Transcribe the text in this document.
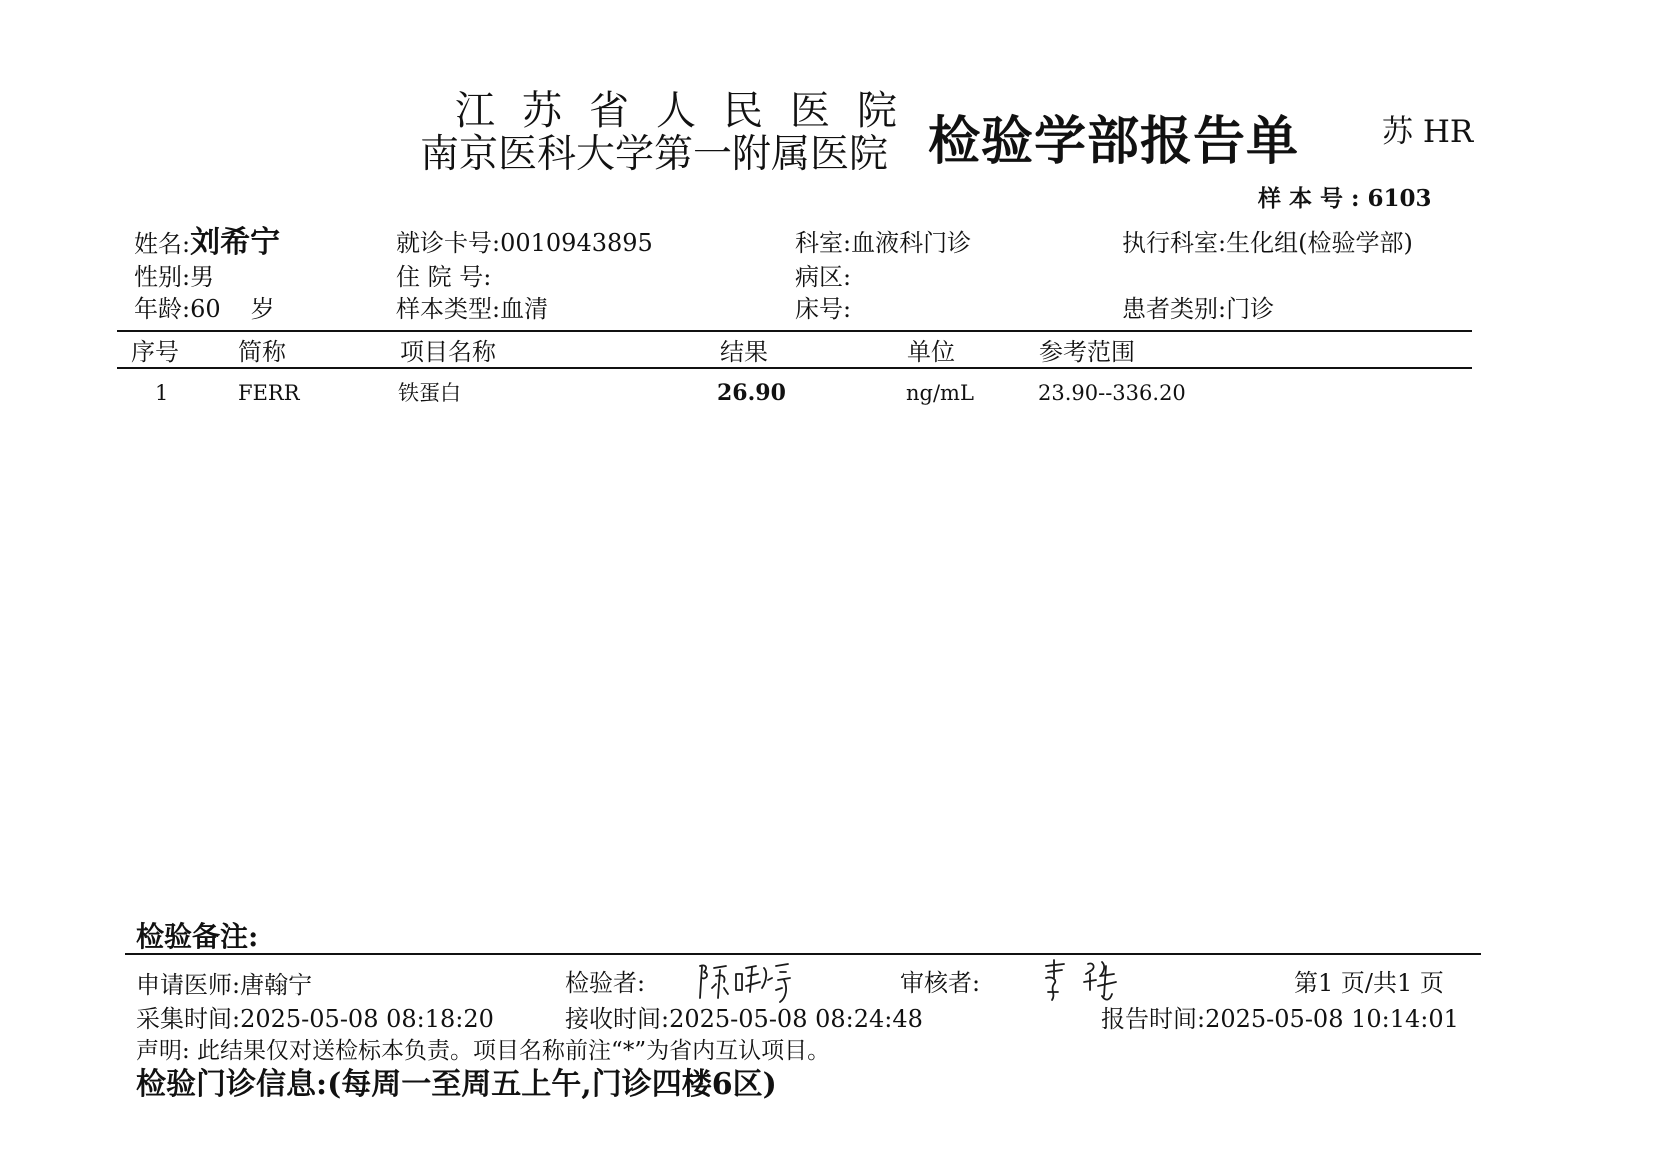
江苏省人民医院
南京医科大学第一附属医院 检验学部报告单	苏 HR
样本号:6103
姓名:刘希宁	就诊卡号:0010943895	科室:血液科门诊	执行科室:生化组(检验学部)
性别:男	住 院 号:	病区:
年龄:60 岁	样本类型:血清	床号:	患者类别:门诊
序号 简称	项目名称	结果	单位	参考范围
1	FERR	铁蛋白	26.90	ng/mL	23.90--336.20
检验备注:
申请医师:唐翰宁	检验者:	审核者:	第1 页/共1 页
采集时间:2025-05-08 08:18:20	接收时间:2025-05-08 08:24:48	报告时间:2025-05-08 10:14:01
声明: 此结果仅对送检标本负责。项目名称前注“*”为省内互认项目。
检验门诊信息:(每周一至周五上午,门诊四楼6区)
